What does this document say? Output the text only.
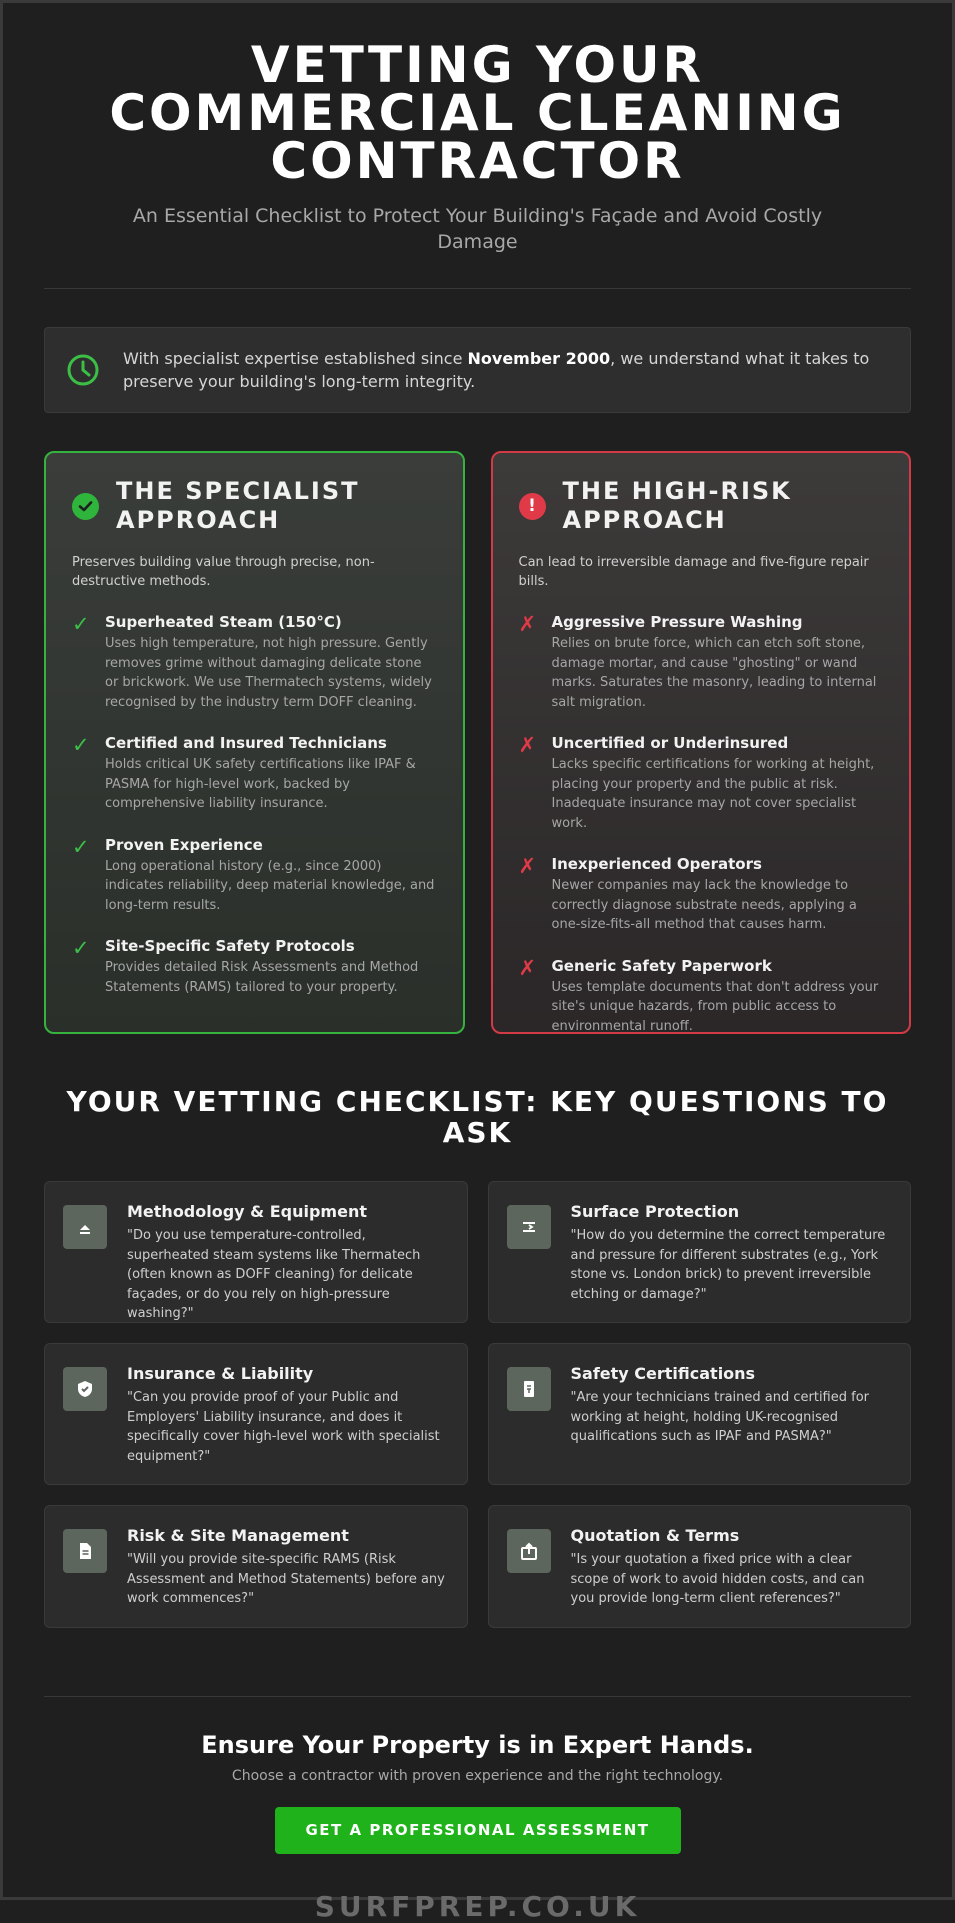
VETTING YOUR COMMERCIAL CLEANING CONTRACTOR

An Essential Checklist to Protect Your Building's Façade and Avoid Costly Damage

With specialist expertise established since November 2000, we understand what it takes to preserve your building's long-term integrity.

THE SPECIALIST APPROACH

Preserves building value through precise, non-destructive methods.

✓	Superheated Steam (150°C)
Uses high temperature, not high pressure. Gently removes grime without damaging delicate stone or brickwork. We use Thermatech systems, widely recognised by the industry term DOFF cleaning.
✓	Certified and Insured Technicians
Holds critical UK safety certifications like IPAF & PASMA for high-level work, backed by comprehensive liability insurance.
✓	Proven Experience
Long operational history (e.g., since 2000) indicates reliability, deep material knowledge, and long-term results.
✓	Site-Specific Safety Protocols
Provides detailed Risk Assessments and Method Statements (RAMS) tailored to your property.
!
THE HIGH-RISK APPROACH

Can lead to irreversible damage and five-figure repair bills.

✗	Aggressive Pressure Washing
Relies on brute force, which can etch soft stone, damage mortar, and cause "ghosting" or wand marks. Saturates the masonry, leading to internal salt migration.
✗	Uncertified or Underinsured
Lacks specific certifications for working at height, placing your property and the public at risk. Inadequate insurance may not cover specialist work.
✗	Inexperienced Operators
Newer companies may lack the knowledge to correctly diagnose substrate needs, applying a one-size-fits-all method that causes harm.
✗	Generic Safety Paperwork
Uses template documents that don't address your site's unique hazards, from public access to environmental runoff.
YOUR VETTING CHECKLIST: KEY QUESTIONS TO ASK
Methodology & Equipment
"Do you use temperature-controlled, superheated steam systems like Thermatech (often known as DOFF cleaning) for delicate façades, or do you rely on high-pressure washing?"
Surface Protection
"How do you determine the correct temperature and pressure for different substrates (e.g., York stone vs. London brick) to prevent irreversible etching or damage?"
Insurance & Liability
"Can you provide proof of your Public and Employers' Liability insurance, and does it specifically cover high-level work with specialist equipment?"
Safety Certifications
"Are your technicians trained and certified for working at height, holding UK-recognised qualifications such as IPAF and PASMA?"
Risk & Site Management
"Will you provide site-specific RAMS (Risk Assessment and Method Statements) before any work commences?"
Quotation & Terms
"Is your quotation a fixed price with a clear scope of work to avoid hidden costs, and can you provide long-term client references?"
Ensure Your Property is in Expert Hands.

Choose a contractor with proven experience and the right technology.

GET A PROFESSIONAL ASSESSMENT
SURFPREP.CO.UK
